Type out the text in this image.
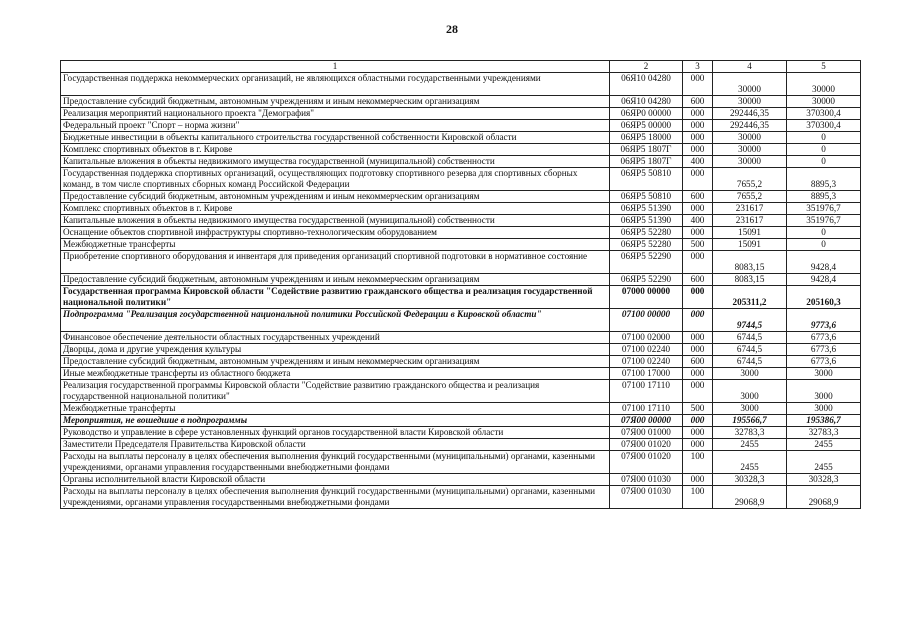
28
1	2	3	4	5
Государственная поддержка некоммерческих организаций, не являющихся областными государственными учреждениями	06Я10 04280	000	30000	30000
Предоставление субсидий бюджетным, автономным учреждениям и иным некоммерческим организациям	06Я10 04280	600	30000	30000
Реализация мероприятий национального проекта "Демография"	06ЯР0 00000	000	292446,35	370300,4
Федеральный проект "Спорт – норма жизни"	06ЯР5 00000	000	292446,35	370300,4
Бюджетные инвестиции в объекты капитального строительства государственной собственности Кировской области	06ЯР5 18000	000	30000	0
Комплекс спортивных объектов в г. Кирове	06ЯР5 1807Г	000	30000	0
Капитальные вложения в объекты недвижимого имущества государственной (муниципальной) собственности	06ЯР5 1807Г	400	30000	0
Государственная поддержка спортивных организаций, осуществляющих подготовку спортивного резерва для спортивных сборных команд, в том числе спортивных сборных команд Российской Федерации	06ЯР5 50810	000	7655,2	8895,3
Предоставление субсидий бюджетным, автономным учреждениям и иным некоммерческим организациям	06ЯР5 50810	600	7655,2	8895,3
Комплекс спортивных объектов в г. Кирове	06ЯР5 51390	000	231617	351976,7
Капитальные вложения в объекты недвижимого имущества государственной (муниципальной) собственности	06ЯР5 51390	400	231617	351976,7
Оснащение объектов спортивной инфраструктуры спортивно-технологическим оборудованием	06ЯР5 52280	000	15091	0
Межбюджетные трансферты	06ЯР5 52280	500	15091	0
Приобретение спортивного оборудования и инвентаря для приведения организаций спортивной подготовки в нормативное состояние	06ЯР5 52290	000	8083,15	9428,4
Предоставление субсидий бюджетным, автономным учреждениям и иным некоммерческим организациям	06ЯР5 52290	600	8083,15	9428,4
Государственная программа Кировской области "Содействие развитию гражданского общества и реализация государственной национальной политики"	07000 00000	000	205311,2	205160,3
Подпрограмма "Реализация государственной национальной политики Российской Федерации в Кировской области"	07100 00000	000	9744,5	9773,6
Финансовое обеспечение деятельности областных государственных учреждений	07100 02000	000	6744,5	6773,6
Дворцы, дома и другие учреждения культуры	07100 02240	000	6744,5	6773,6
Предоставление субсидий бюджетным, автономным учреждениям и иным некоммерческим организациям	07100 02240	600	6744,5	6773,6
Иные межбюджетные трансферты из областного бюджета	07100 17000	000	3000	3000
Реализация государственной программы Кировской области "Содействие развитию гражданского общества и реализация государственной национальной политики"	07100 17110	000	3000	3000
Межбюджетные трансферты	07100 17110	500	3000	3000
Мероприятия, не вошедшие в подпрограммы	07Я00 00000	000	195566,7	195386,7
Руководство и управление в сфере установленных функций органов государственной власти Кировской области	07Я00 01000	000	32783,3	32783,3
Заместители Председателя Правительства Кировской области	07Я00 01020	000	2455	2455
Расходы на выплаты персоналу в целях обеспечения выполнения функций государственными (муниципальными) органами, казенными учреждениями, органами управления государственными внебюджетными фондами	07Я00 01020	100	2455	2455
Органы исполнительной власти Кировской области	07Я00 01030	000	30328,3	30328,3
Расходы на выплаты персоналу в целях обеспечения выполнения функций государственными (муниципальными) органами, казенными учреждениями, органами управления государственными внебюджетными фондами	07Я00 01030	100	29068,9	29068,9
